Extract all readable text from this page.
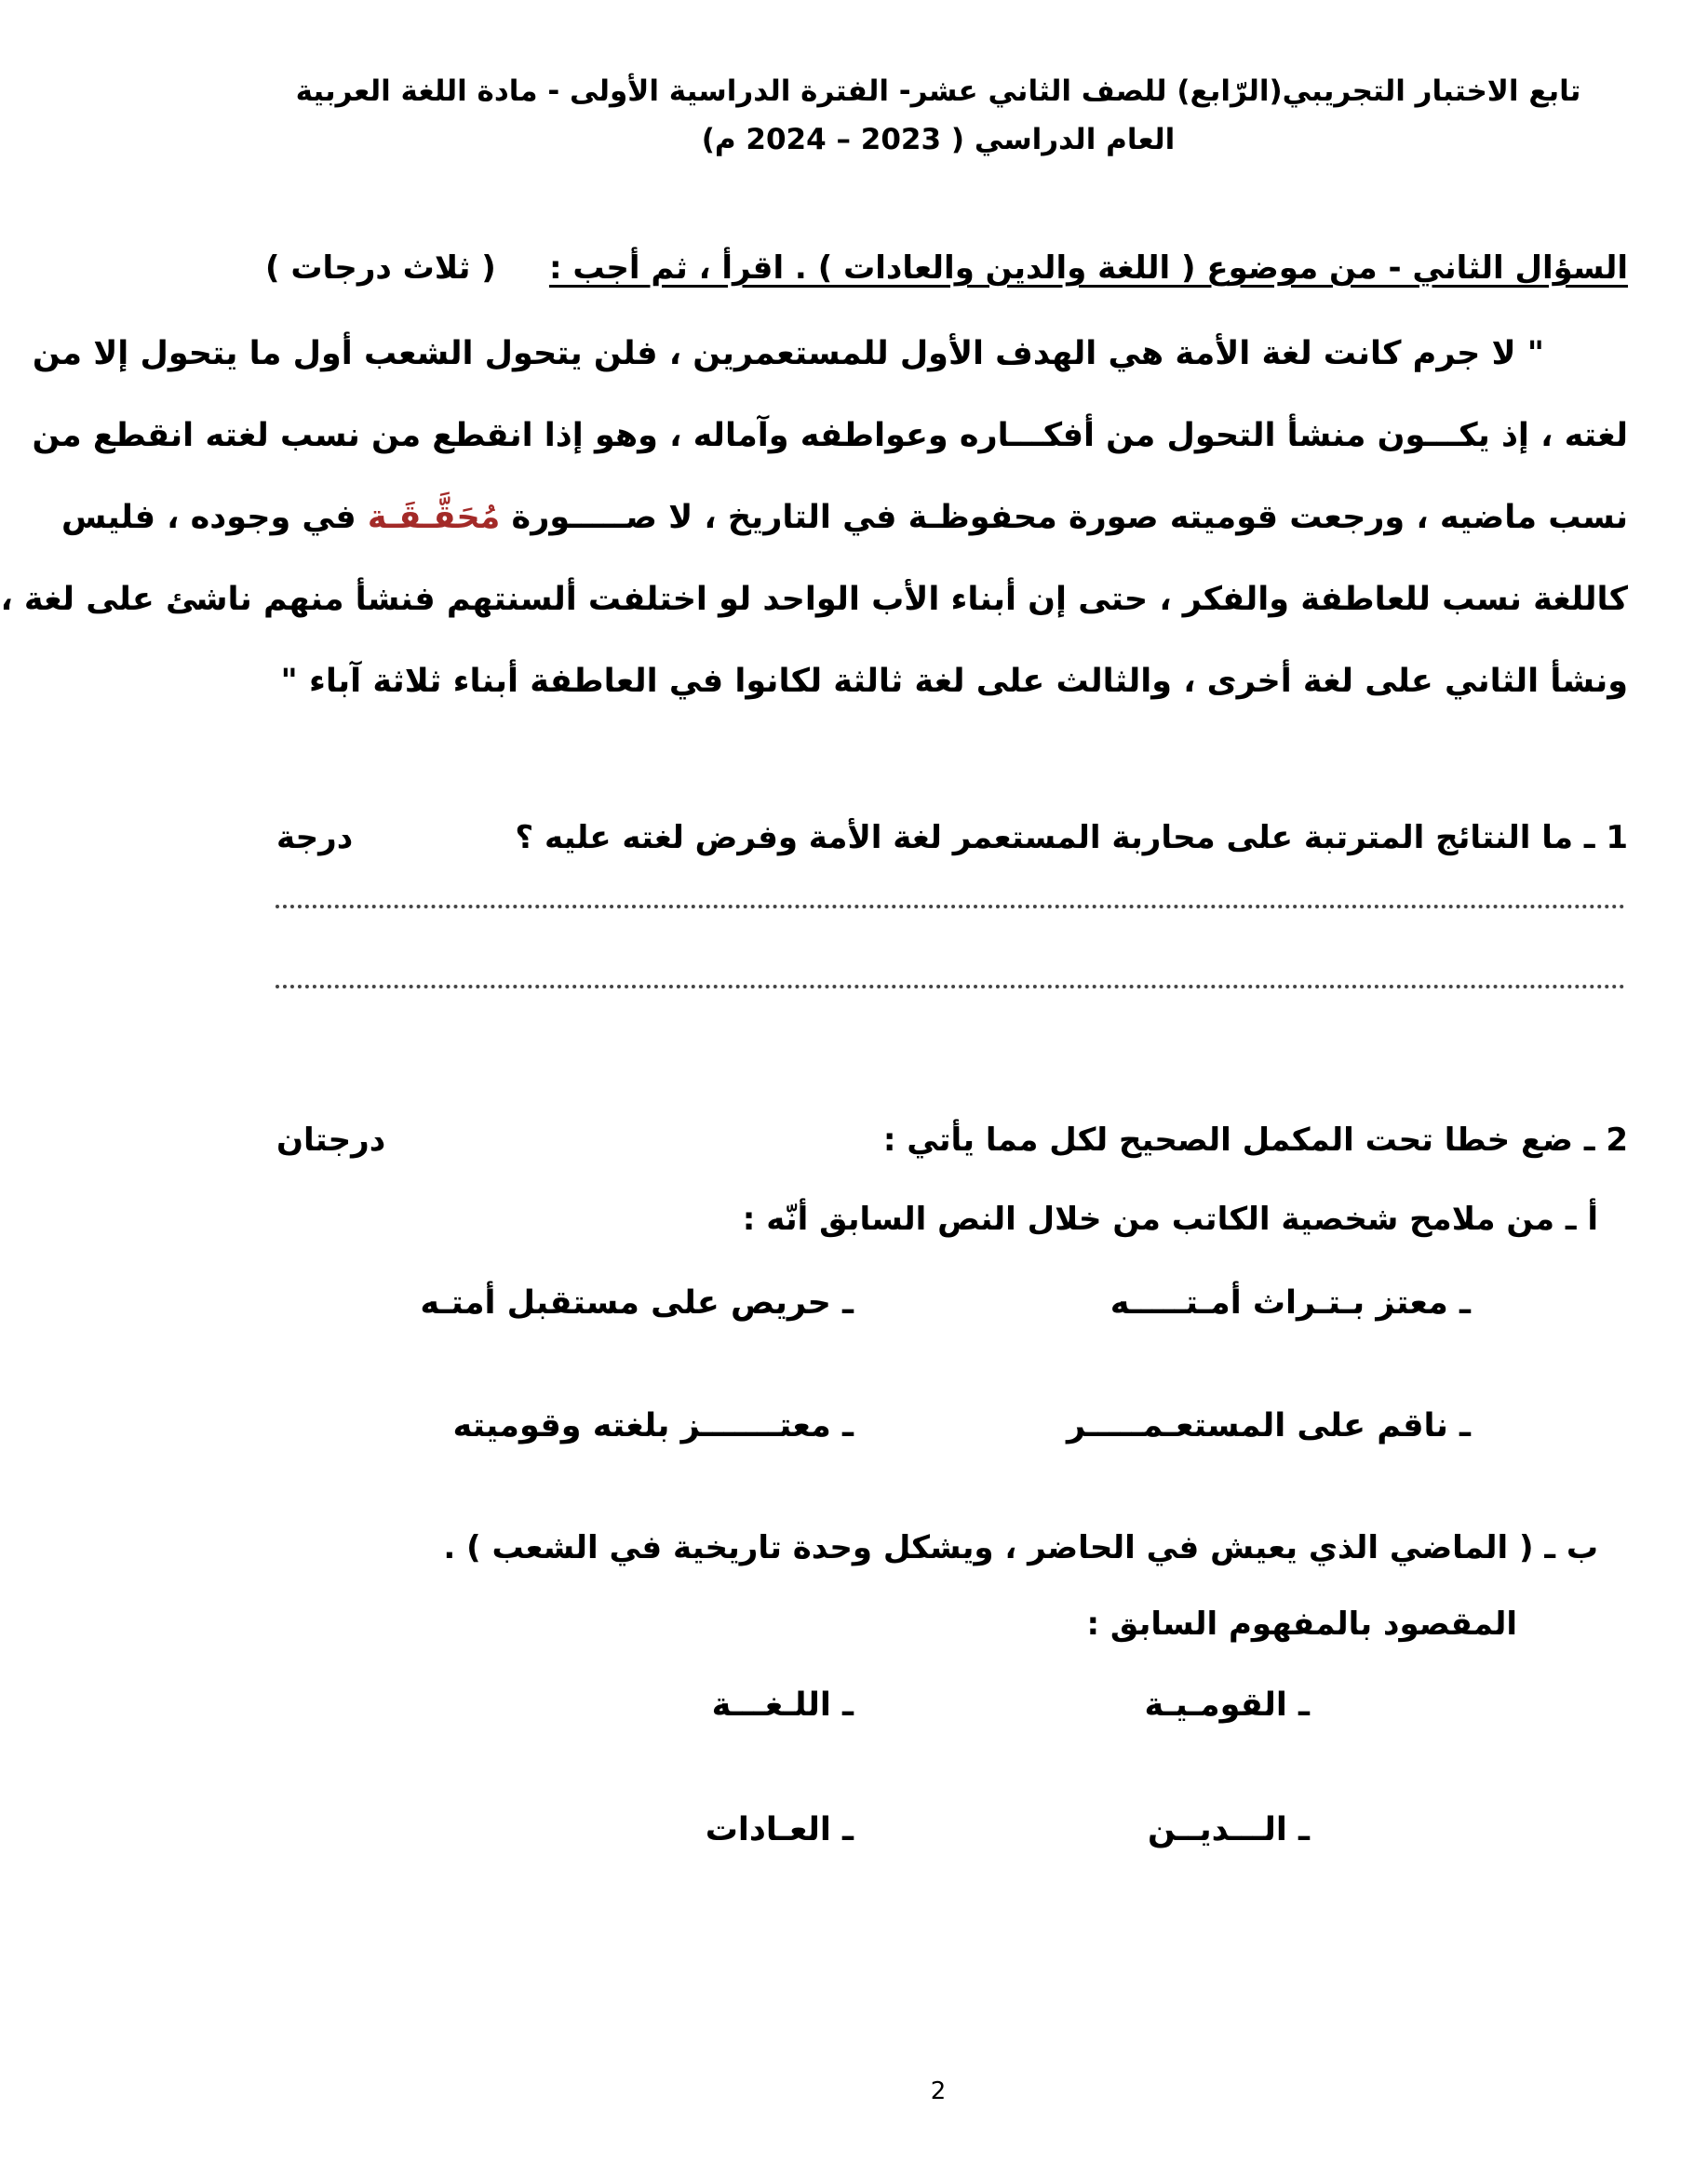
تابع الاختبار التجريبي(الرّابع) للصف الثاني عشر- الفترة الدراسية الأولى - مادة اللغة العربية
العام الدراسي ( 2023 – 2024 م)
السؤال الثاني - من موضوع ( اللغة والدين والعادات ) . اقرأ ، ثم أجب :
( ثلاث درجات )
" لا جرم كانت لغة الأمة هي الهدف الأول للمستعمرين ، فلن يتحول الشعب أول ما يتحول إلا من
لغته ، إذ يكـــون منشأ التحول من أفكـــاره وعواطفه وآماله ، وهو إذا انقطع من نسب لغته انقطع من
نسب ماضيه ، ورجعت قوميته صورة محفوظـة في التاريخ ، لا صـــــورة مُحَقَّـقَـة في وجوده ، فليس
كاللغة نسب للعاطفة والفكر ، حتى إن أبناء الأب الواحد لو اختلفت ألسنتهم فنشأ منهم ناشئ على لغة ،
ونشأ الثاني على لغة أخرى ، والثالث على لغة ثالثة لكانوا في العاطفة أبناء ثلاثة آباء "
1 ـ ما النتائج المترتبة على محاربة المستعمر لغة الأمة وفرض لغته عليه ؟
درجة
2 ـ ضع خطا تحت المكمل الصحيح لكل مما يأتي :
درجتان
أ ـ من ملامح شخصية الكاتب من خلال النص السابق أنّه :
ـ معتز بـتـراث أمـتـــــه
ـ حريص على مستقبل أمتـه
ـ ناقم على المستعـمـــــر
ـ معتـــــــز بلغته وقوميته
ب ـ ( الماضي الذي يعيش في الحاضر ، ويشكل وحدة تاريخية في الشعب ) .
المقصود بالمفهوم السابق :
ـ القومـيـة
ـ اللـغـــة
ـ الـــديــن
ـ العـادات
2
